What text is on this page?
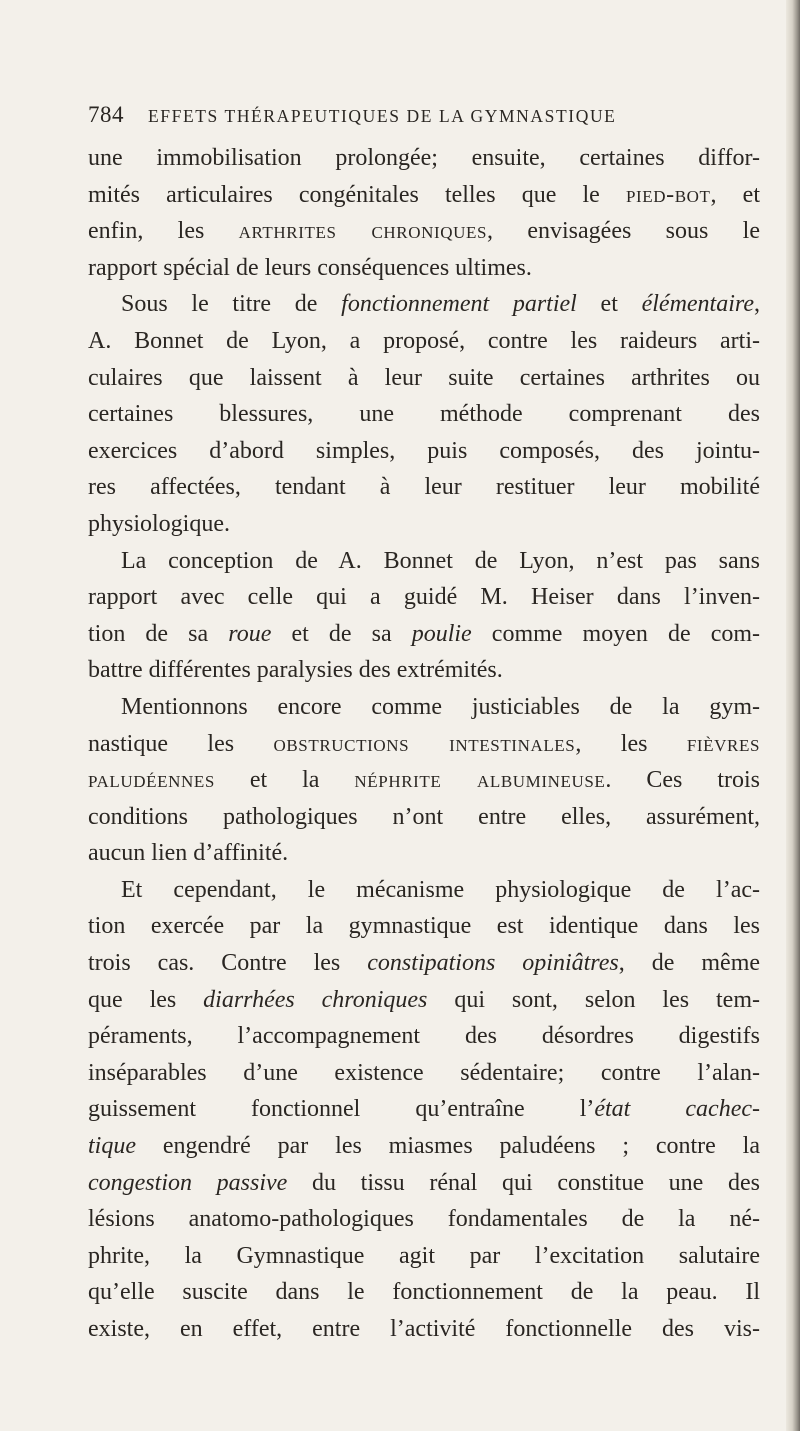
784 EFFETS THÉRAPEUTIQUES DE LA GYMNASTIQUE
une immobilisation prolongée; ensuite, certaines diffor-
mités articulaires congénitales telles que le pied-bot, et
enfin, les arthrites chroniques, envisagées sous le
rapport spécial de leurs conséquences ultimes.
Sous le titre de fonctionnement partiel et élémentaire,
A. Bonnet de Lyon, a proposé, contre les raideurs arti-
culaires que laissent à leur suite certaines arthrites ou
certaines blessures, une méthode comprenant des
exercices d’abord simples, puis composés, des jointu-
res affectées, tendant à leur restituer leur mobilité
physiologique.
La conception de A. Bonnet de Lyon, n’est pas sans
rapport avec celle qui a guidé M. Heiser dans l’inven-
tion de sa roue et de sa poulie comme moyen de com-
battre différentes paralysies des extrémités.
Mentionnons encore comme justiciables de la gym-
nastique les obstructions intestinales, les fièvres
paludéennes et la néphrite albumineuse. Ces trois
conditions pathologiques n’ont entre elles, assurément,
aucun lien d’affinité.
Et cependant, le mécanisme physiologique de l’ac-
tion exercée par la gymnastique est identique dans les
trois cas. Contre les constipations opiniâtres, de même
que les diarrhées chroniques qui sont, selon les tem-
péraments, l’accompagnement des désordres digestifs
inséparables d’une existence sédentaire; contre l’alan-
guissement fonctionnel qu’entraîne l’état cachec-
tique engendré par les miasmes paludéens ; contre la
congestion passive du tissu rénal qui constitue une des
lésions anatomo-pathologiques fondamentales de la né-
phrite, la Gymnastique agit par l’excitation salutaire
qu’elle suscite dans le fonctionnement de la peau. Il
existe, en effet, entre l’activité fonctionnelle des vis-
